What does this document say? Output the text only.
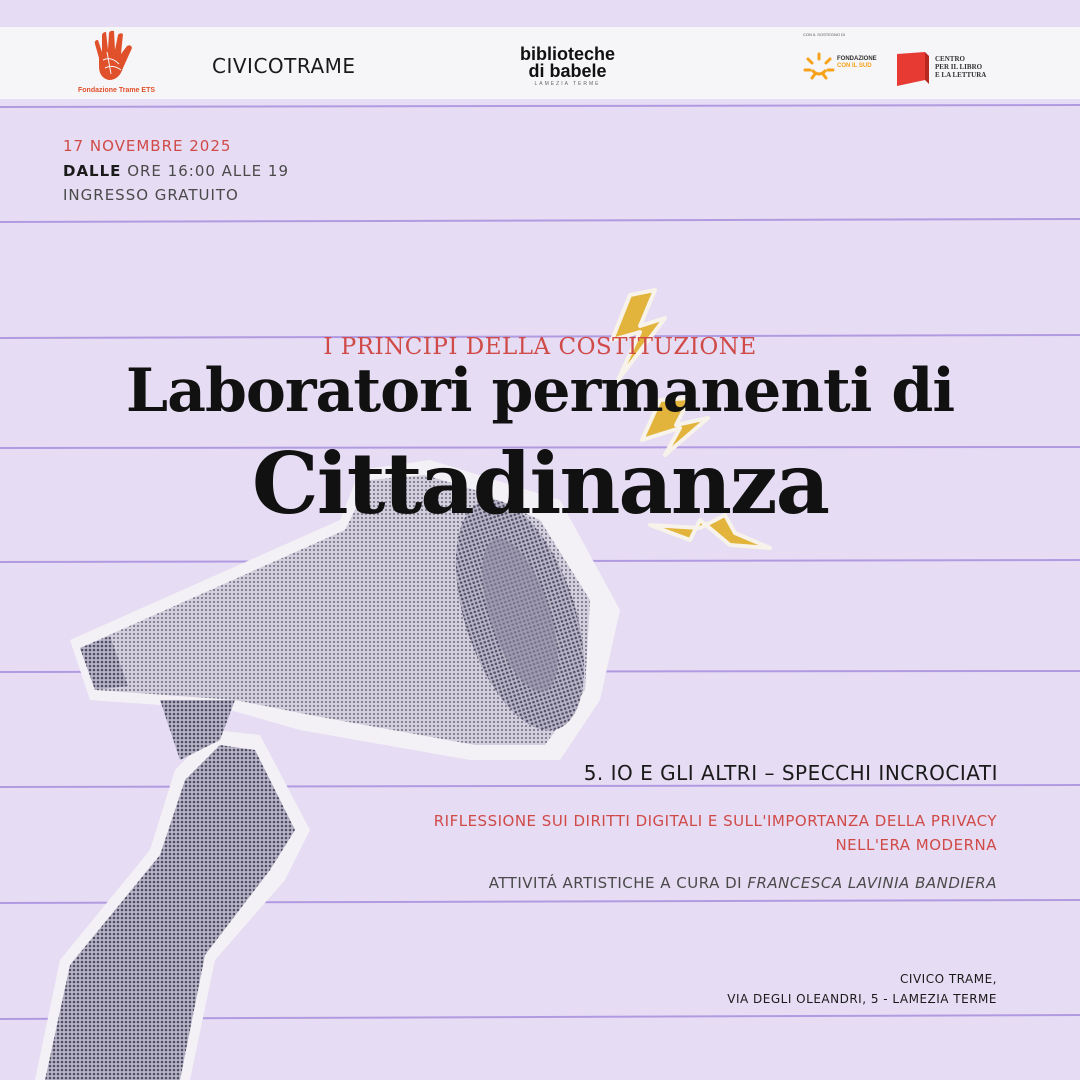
Fondazione Trame ETS
CIVICOTRAME	biblioteche
di babele
LAMEZIA TERME
CON IL SOSTEGNO DI
FONDAZIONE
CON IL SUD
CENTRO
PER IL LIBRO
E LA LETTURA
17 NOVEMBRE 2025
DALLE ORE 16:00 ALLE 19
INGRESSO GRATUITO
I PRINCIPI DELLA COSTITUZIONE
Laboratori permanenti di
Cittadinanza
5. IO E GLI ALTRI – SPECCHI INCROCIATI
RIFLESSIONE SUI DIRITTI DIGITALI E SULL'IMPORTANZA DELLA PRIVACY NELL'ERA MODERNA
ATTIVITÁ ARTISTICHE A CURA DI FRANCESCA LAVINIA BANDIERA
CIVICO TRAME,
VIA DEGLI OLEANDRI, 5 - LAMEZIA TERME
